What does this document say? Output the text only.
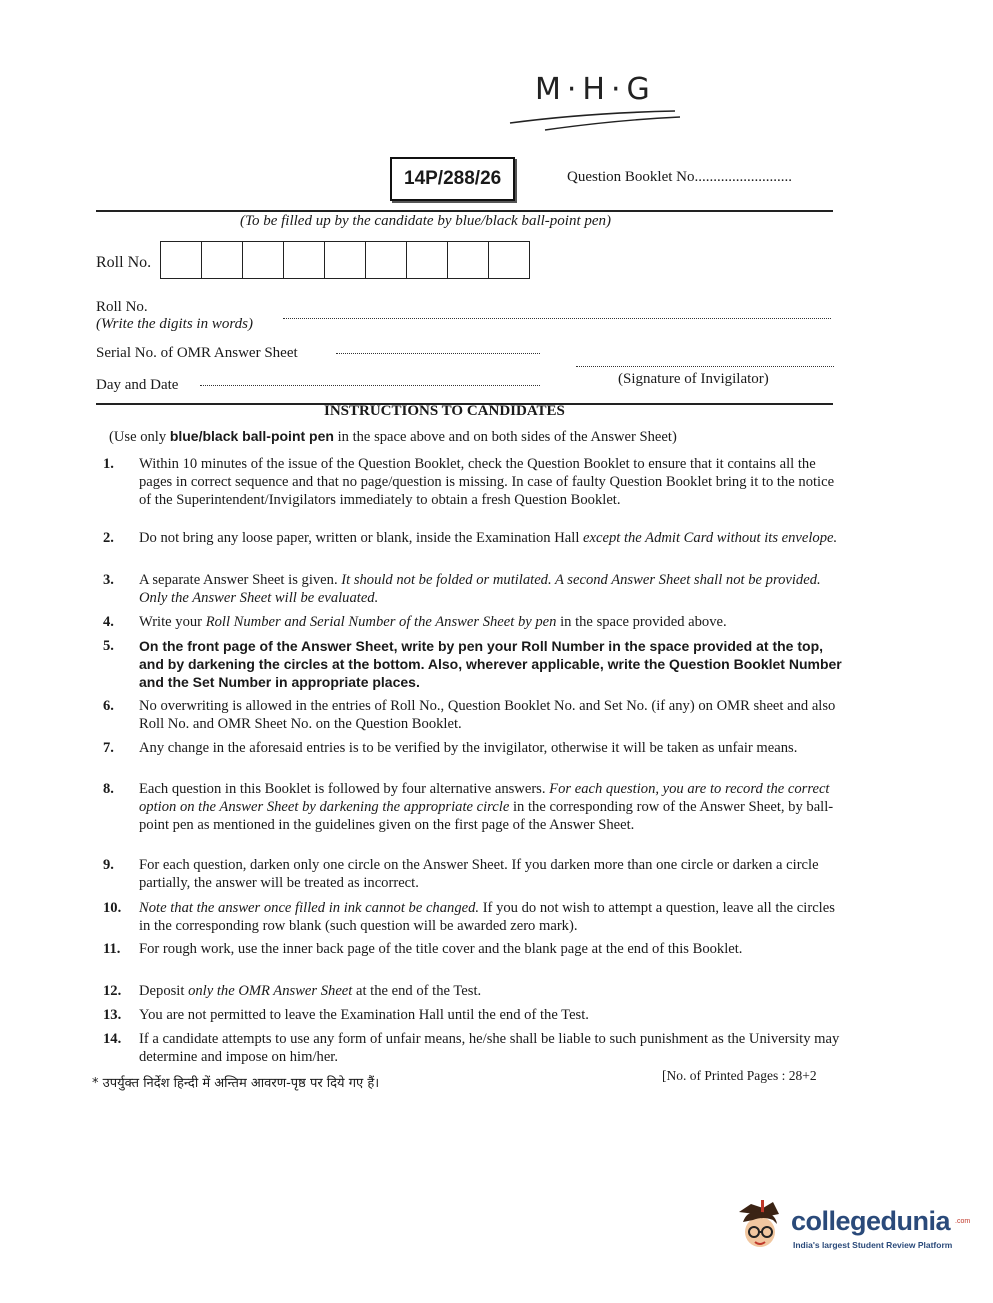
M·H·G
14P/288/26	Question Booklet No..........................
(To be filled up by the candidate by blue/black ball-point pen)
Roll No.
Roll No.
(Write the digits in words)
Serial No. of OMR Answer Sheet
Day and Date	(Signature of Invigilator)
INSTRUCTIONS TO CANDIDATES
(Use only blue/black ball-point pen in the space above and on both sides of the Answer Sheet)
1.	Within 10 minutes of the issue of the Question Booklet, check the Question Booklet to ensure that it contains all the pages in correct sequence and that no page/question is missing. In case of faulty Question Booklet bring it to the notice of the Superintendent/Invigilators immediately to obtain a fresh Question Booklet.
2.	Do not bring any loose paper, written or blank, inside the Examination Hall except the Admit Card without its envelope.
3.	A separate Answer Sheet is given. It should not be folded or mutilated. A second Answer Sheet shall not be provided. Only the Answer Sheet will be evaluated.
4.	Write your Roll Number and Serial Number of the Answer Sheet by pen in the space provided above.
5.	On the front page of the Answer Sheet, write by pen your Roll Number in the space provided at the top, and by darkening the circles at the bottom. Also, wherever applicable, write the Question Booklet Number and the Set Number in appropriate places.
6.	No overwriting is allowed in the entries of Roll No., Question Booklet No. and Set No. (if any) on OMR sheet and also Roll No. and OMR Sheet No. on the Question Booklet.
7.	Any change in the aforesaid entries is to be verified by the invigilator, otherwise it will be taken as unfair means.
8.	Each question in this Booklet is followed by four alternative answers. For each question, you are to record the correct option on the Answer Sheet by darkening the appropriate circle in the corresponding row of the Answer Sheet, by ball-point pen as mentioned in the guidelines given on the first page of the Answer Sheet.
9.	For each question, darken only one circle on the Answer Sheet. If you darken more than one circle or darken a circle partially, the answer will be treated as incorrect.
10.	Note that the answer once filled in ink cannot be changed. If you do not wish to attempt a question, leave all the circles in the corresponding row blank (such question will be awarded zero mark).
11.	For rough work, use the inner back page of the title cover and the blank page at the end of this Booklet.
12.	Deposit only the OMR Answer Sheet at the end of the Test.
13.	You are not permitted to leave the Examination Hall until the end of the Test.
14.	If a candidate attempts to use any form of unfair means, he/she shall be liable to such punishment as the University may determine and impose on him/her.
* उपर्युक्त निर्देश हिन्दी में अन्तिम आवरण-पृष्ठ पर दिये गए हैं।
[No. of Printed Pages : 28+2
collegedunia .com
India's largest Student Review Platform
